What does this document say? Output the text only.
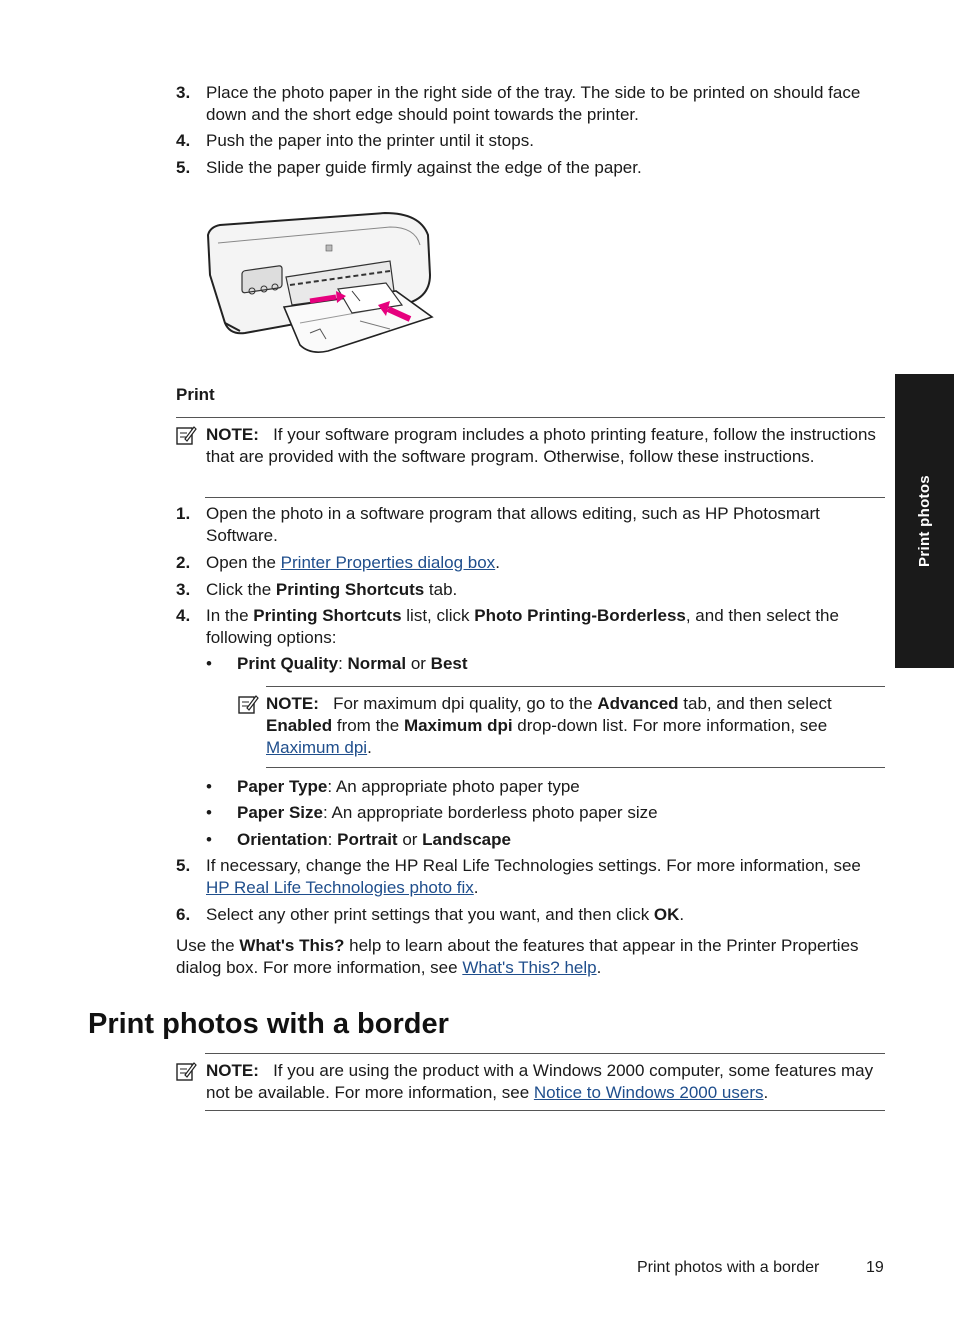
3. Place the photo paper in the right side of the tray. The side to be printed on should face down and the short edge should point towards the printer.
4. Push the paper into the printer until it stops.
5. Slide the paper guide firmly against the edge of the paper.
Print
NOTE: If your software program includes a photo printing feature, follow the instructions that are provided with the software program. Otherwise, follow these instructions.
1. Open the photo in a software program that allows editing, such as HP Photosmart Software.
2. Open the Printer Properties dialog box.
3. Click the Printing Shortcuts tab.
4. In the Printing Shortcuts list, click Photo Printing-Borderless, and then select the following options:
• Print Quality: Normal or Best
NOTE: For maximum dpi quality, go to the Advanced tab, and then select Enabled from the Maximum dpi drop-down list. For more information, see Maximum dpi.
• Paper Type: An appropriate photo paper type
• Paper Size: An appropriate borderless photo paper size
• Orientation: Portrait or Landscape
5. If necessary, change the HP Real Life Technologies settings. For more information, see HP Real Life Technologies photo fix.
6. Select any other print settings that you want, and then click OK.
Use the What's This? help to learn about the features that appear in the Printer Properties dialog box. For more information, see What's This? help.
Print photos with a border
NOTE: If you are using the product with a Windows 2000 computer, some features may not be available. For more information, see Notice to Windows 2000 users.
Print photos
Print photos with a border	19
